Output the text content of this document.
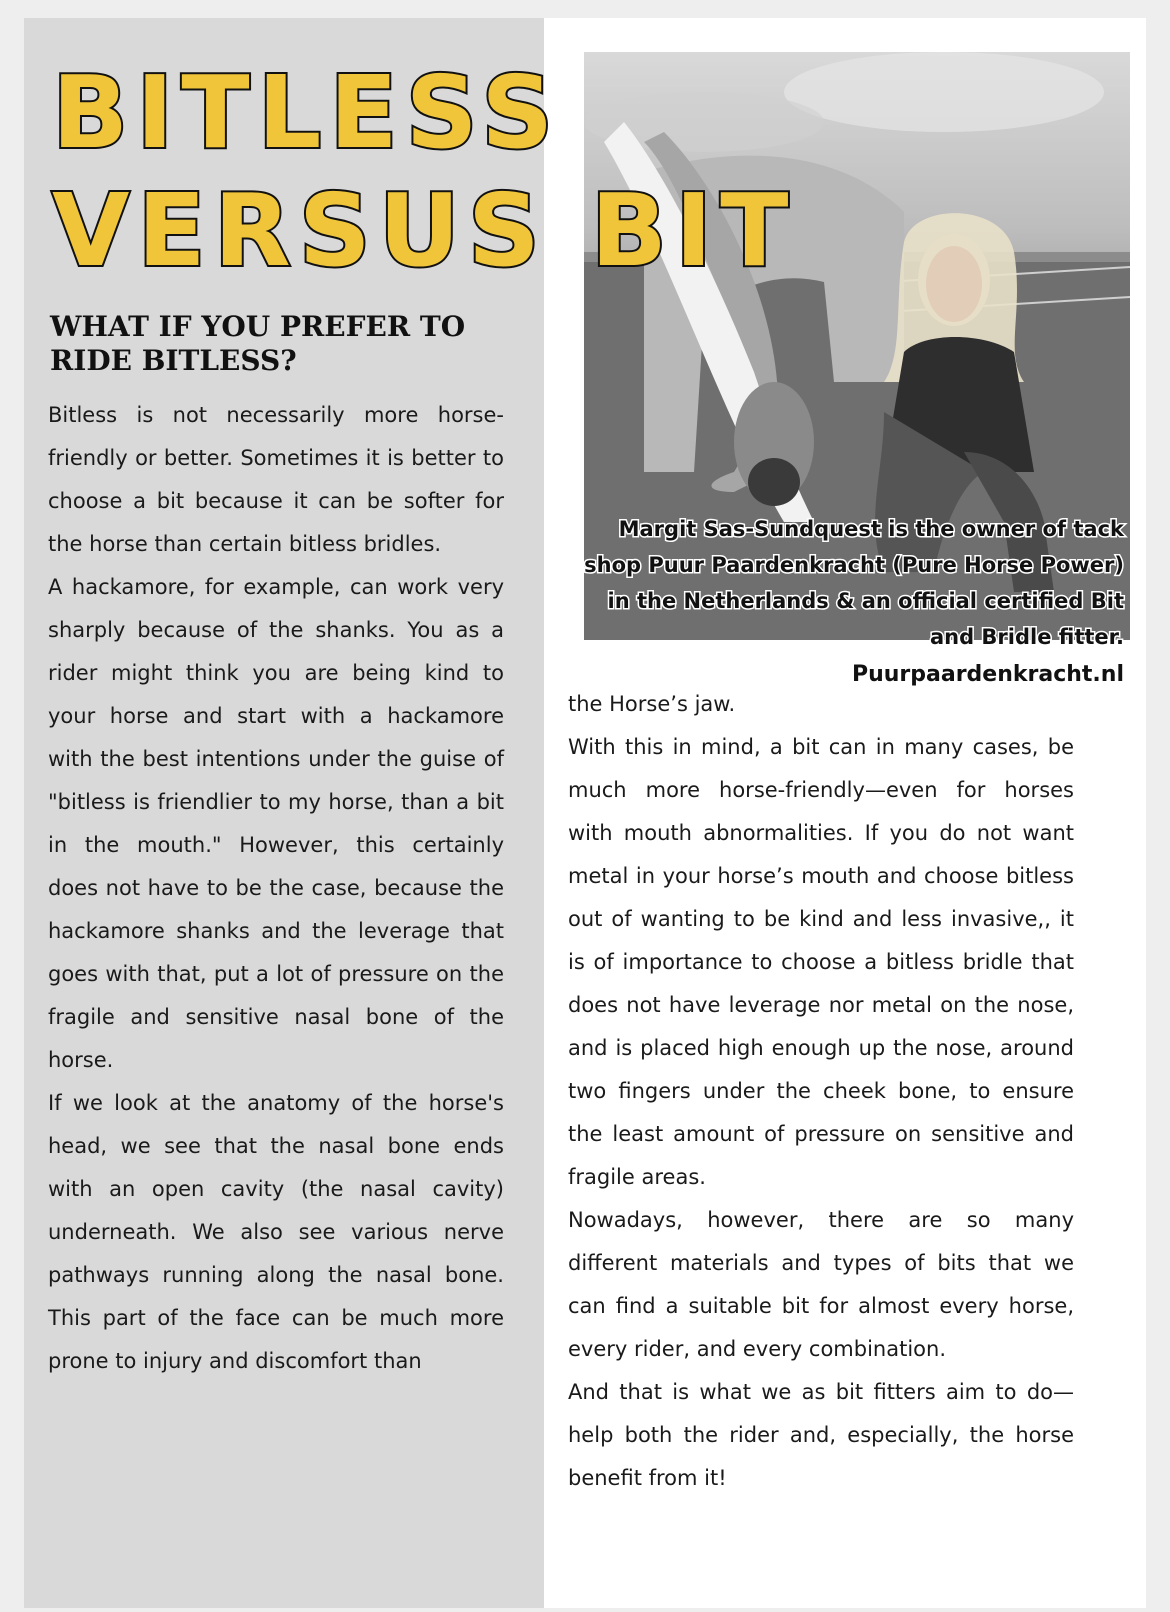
BITLESS
VERSUS BIT
WHAT IF YOU PREFER TO RIDE BITLESS?

Bitless is not necessarily more horse-friendly or better. Sometimes it is better to choose a bit because it can be softer for the horse than certain bitless bridles.

A hackamore, for example, can work very sharply because of the shanks. You as a rider might think you are being kind to your horse and start with a hackamore with the best intentions under the guise of "bitless is friendlier to my horse, than a bit in the mouth." However, this certainly does not have to be the case, because the hackamore shanks and the leverage that goes with that, put a lot of pressure on the fragile and sensitive nasal bone of the horse.

If we look at the anatomy of the horse's head, we see that the nasal bone ends with an open cavity (the nasal cavity) underneath. We also see various nerve pathways running along the nasal bone. This part of the face can be much more prone to injury and discomfort than

Margit Sas-Sundquest is the owner of tack shop Puur Paardenkracht (Pure Horse Power) in the Netherlands & an official certified Bit and Bridle fitter.
Puurpaardenkracht.nl

the Horse’s jaw.

With this in mind, a bit can in many cases, be much more horse-friendly—even for horses with mouth abnormalities. If you do not want metal in your horse’s mouth and choose bitless out of wanting to be kind and less invasive,, it is of importance to choose a bitless bridle that does not have leverage nor metal on the nose, and is placed high enough up the nose, around two fingers under the cheek bone, to ensure the least amount of pressure on sensitive and fragile areas.

Nowadays, however, there are so many different materials and types of bits that we can find a suitable bit for almost every horse, every rider, and every combination.

And that is what we as bit fitters aim to do—help both the rider and, especially, the horse benefit from it!
